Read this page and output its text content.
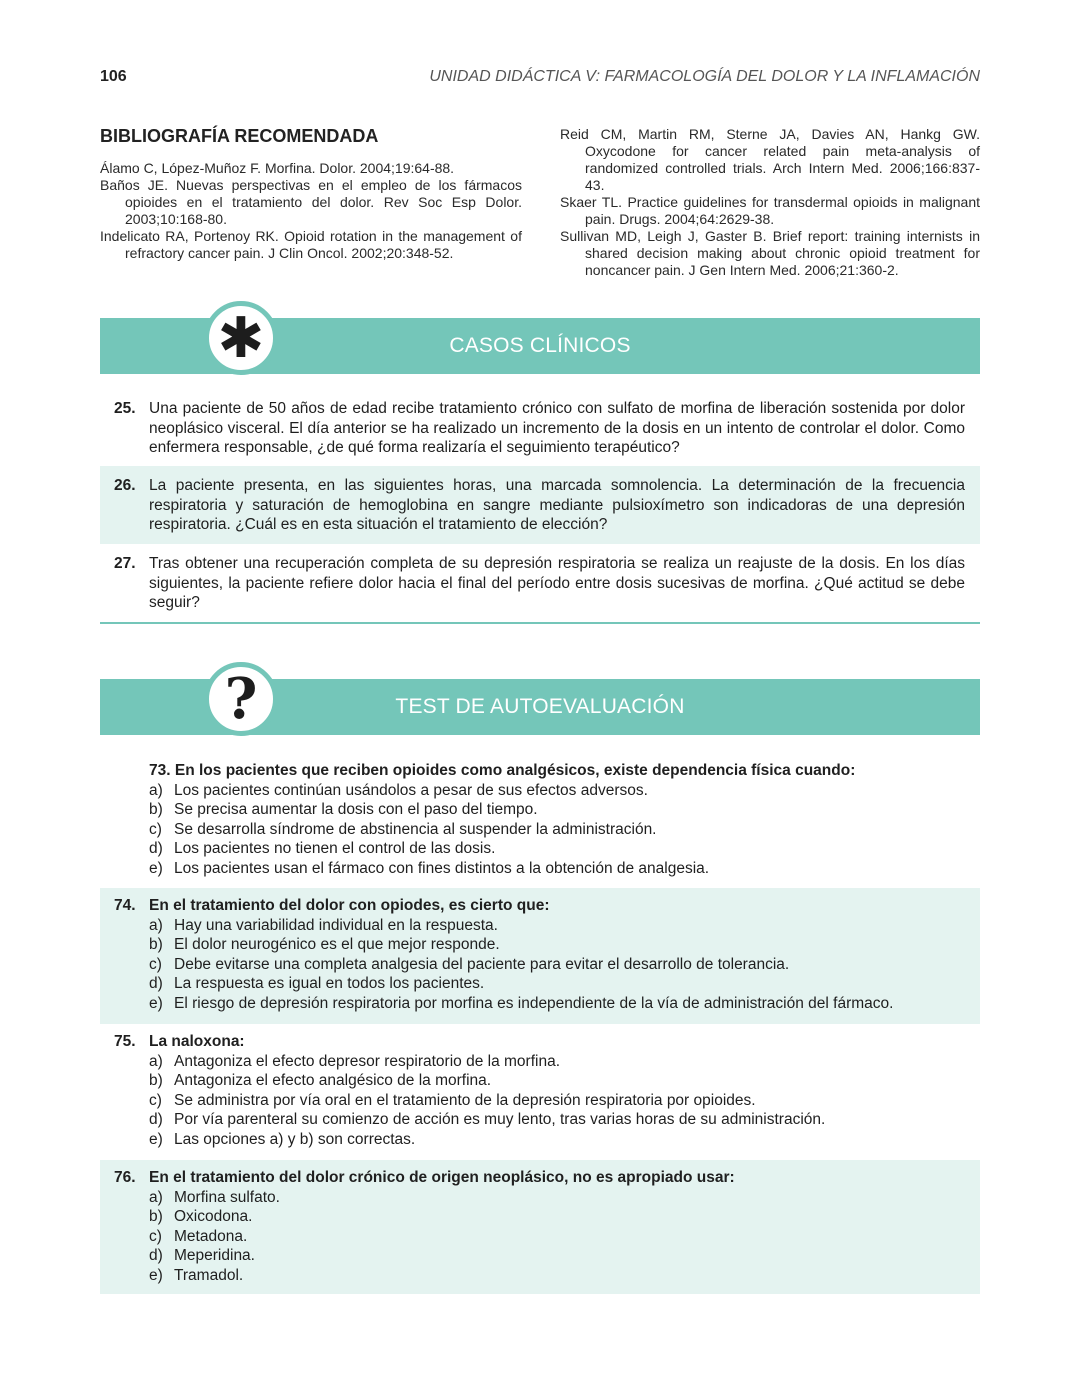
106	UNIDAD DIDÁCTICA V: FARMACOLOGÍA DEL DOLOR Y LA INFLAMACIÓN
BIBLIOGRAFÍA RECOMENDADA

Álamo C, López-Muñoz F. Morfina. Dolor. 2004;19:64-88.

Baños JE. Nuevas perspectivas en el empleo de los fármacos opioides en el tratamiento del dolor. Rev Soc Esp Dolor. 2003;10:168-80.

Indelicato RA, Portenoy RK. Opioid rotation in the management of refractory cancer pain. J Clin Oncol. 2002;20:348-52.

Reid CM, Martin RM, Sterne JA, Davies AN, Hankg GW. Oxycodone for cancer related pain meta-analysis of randomized controlled trials. Arch Intern Med. 2006;166:837-43.

Skaer TL. Practice guidelines for transdermal opioids in malignant pain. Drugs. 2004;64:2629-38.

Sullivan MD, Leigh J, Gaster B. Brief report: training internists in shared decision making about chronic opioid treatment for noncancer pain. J Gen Intern Med. 2006;21:360-2.

CASOS CLÍNICOS
✱
25. Una paciente de 50 años de edad recibe tratamiento crónico con sulfato de morfina de liberación sostenida por dolor neoplásico visceral. El día anterior se ha realizado un incremento de la dosis en un intento de controlar el dolor. Como enfermera responsable, ¿de qué forma realizaría el seguimiento terapéutico?

26. La paciente presenta, en las siguientes horas, una marcada somnolencia. La determinación de la frecuencia respiratoria y saturación de hemoglobina en sangre mediante pulsioxímetro son indicadoras de una depresión respiratoria. ¿Cuál es en esta situación el tratamiento de elección?

27. Tras obtener una recuperación completa de su depresión respiratoria se realiza un reajuste de la dosis. En los días siguientes, la paciente refiere dolor hacia el final del período entre dosis sucesivas de morfina. ¿Qué actitud se debe seguir?

TEST DE AUTOEVALUACIÓN
?

73. En los pacientes que reciben opioides como analgésicos, existe dependencia física cuando:

a) Los pacientes continúan usándolos a pesar de sus efectos adversos.

b) Se precisa aumentar la dosis con el paso del tiempo.

c) Se desarrolla síndrome de abstinencia al suspender la administración.

d) Los pacientes no tienen el control de las dosis.

e) Los pacientes usan el fármaco con fines distintos a la obtención de analgesia.

74. En el tratamiento del dolor con opiodes, es cierto que:

a) Hay una variabilidad individual en la respuesta.

b) El dolor neurogénico es el que mejor responde.

c) Debe evitarse una completa analgesia del paciente para evitar el desarrollo de tolerancia.

d) La respuesta es igual en todos los pacientes.

e) El riesgo de depresión respiratoria por morfina es independiente de la vía de administración del fármaco.

75. La naloxona:

a) Antagoniza el efecto depresor respiratorio de la morfina.

b) Antagoniza el efecto analgésico de la morfina.

c) Se administra por vía oral en el tratamiento de la depresión respiratoria por opioides.

d) Por vía parenteral su comienzo de acción es muy lento, tras varias horas de su administración.

e) Las opciones a) y b) son correctas.

76. En el tratamiento del dolor crónico de origen neoplásico, no es apropiado usar:

a) Morfina sulfato.

b) Oxicodona.

c) Metadona.

d) Meperidina.

e) Tramadol.
